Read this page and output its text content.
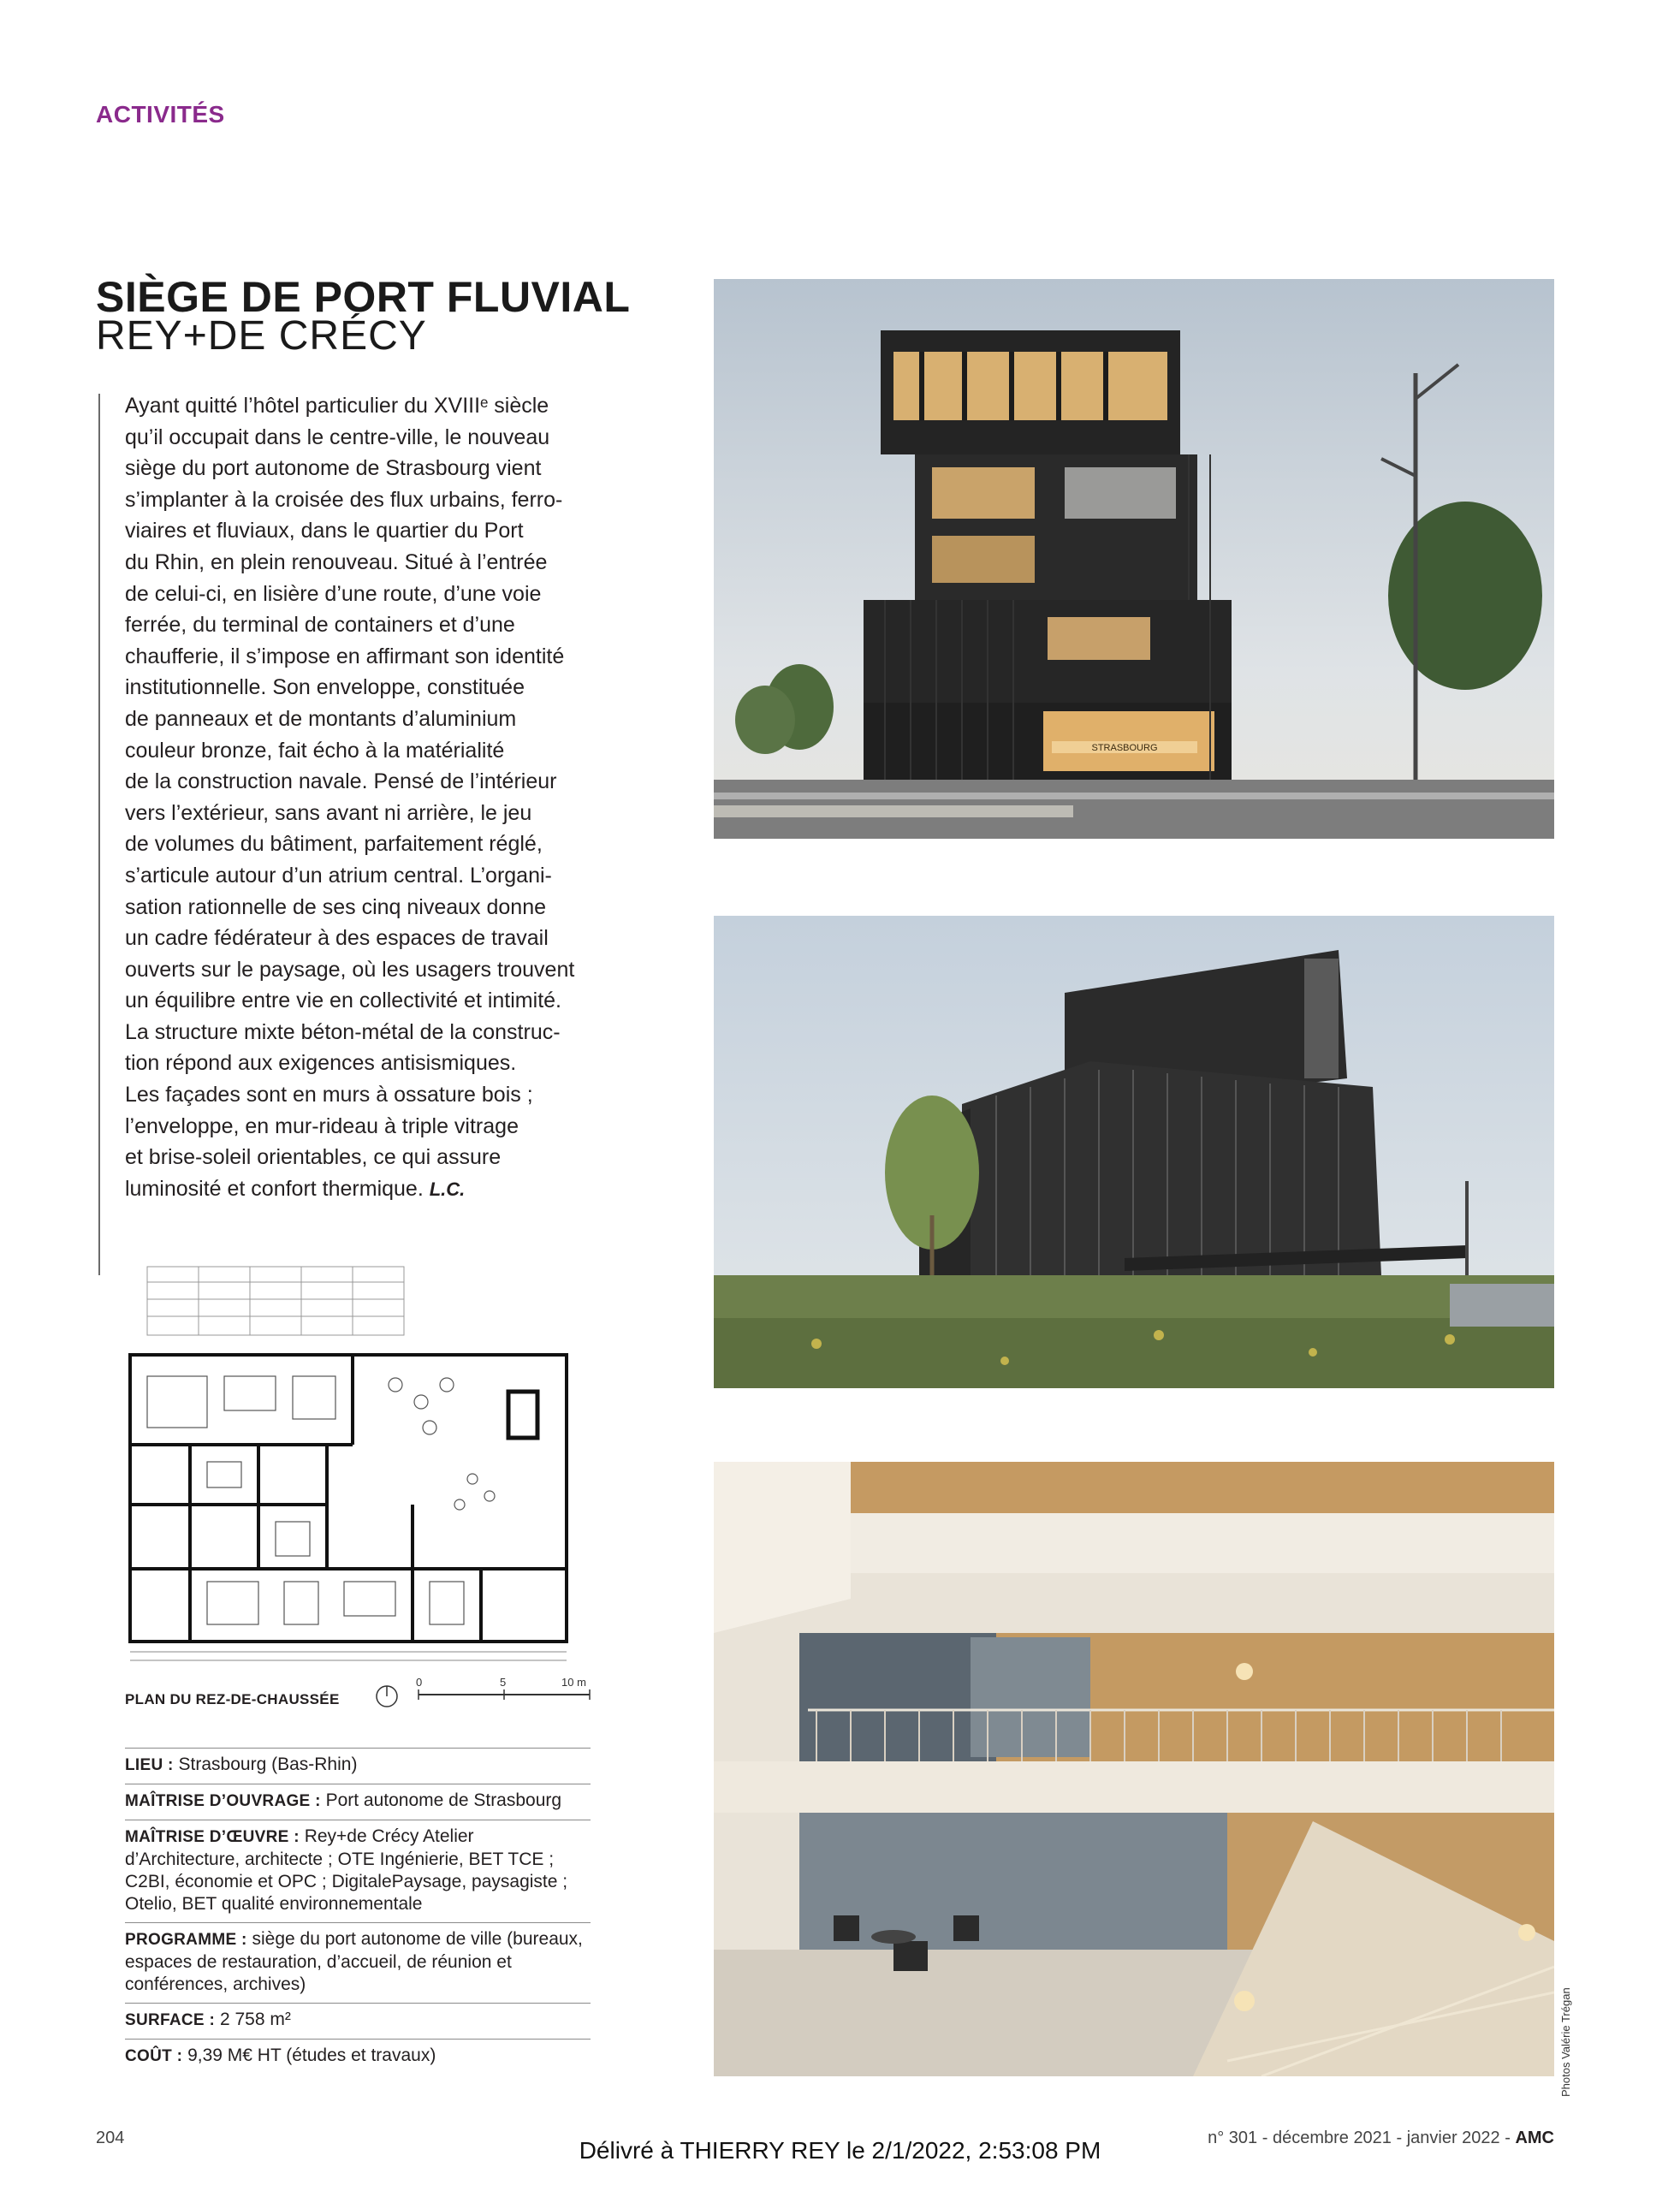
ACTIVITÉS
SIÈGE DE PORT FLUVIAL
REY+DE CRÉCY
Ayant quitté l’hôtel particulier du XVIIIᵉ siècle
qu’il occupait dans le centre-ville, le nouveau
siège du port autonome de Strasbourg vient
s’implanter à la croisée des flux urbains, ferro-
viaires et fluviaux, dans le quartier du Port
du Rhin, en plein renouveau. Situé à l’entrée
de celui-ci, en lisière d’une route, d’une voie
ferrée, du terminal de containers et d’une
chaufferie, il s’impose en affirmant son identité
institutionnelle. Son enveloppe, constituée
de panneaux et de montants d’aluminium
couleur bronze, fait écho à la matérialité
de la construction navale. Pensé de l’intérieur
vers l’extérieur, sans avant ni arrière, le jeu
de volumes du bâtiment, parfaitement réglé,
s’articule autour d’un atrium central. L’organi-
sation rationnelle de ses cinq niveaux donne
un cadre fédérateur à des espaces de travail
ouverts sur le paysage, où les usagers trouvent
un équilibre entre vie en collectivité et intimité.
La structure mixte béton-métal de la construc-
tion répond aux exigences antisismiques.
Les façades sont en murs à ossature bois ;
l’enveloppe, en mur-rideau à triple vitrage
et brise-soleil orientables, ce qui assure
luminosité et confort thermique. L.C.
STRASBOURG
Photos Valérie Trégan
PLAN DU REZ-DE-CHAUSSÉE
0	5	10 m
LIEU : Strasbourg (Bas-Rhin)
MAÎTRISE D’OUVRAGE : Port autonome de Strasbourg
MAÎTRISE D’ŒUVRE : Rey+de Crécy Atelier d’Architecture, architecte ; OTE Ingénierie, BET TCE ; C2BI, économie et OPC ; DigitalePaysage, paysagiste ; Otelio, BET qualité environnementale
PROGRAMME : siège du port autonome de ville (bureaux, espaces de restauration, d’accueil, de réunion et conférences, archives)
SURFACE : 2 758 m²
COÛT : 9,39 M€ HT (études et travaux)
204	n° 301 - décembre 2021 - janvier 2022 - AMC
Délivré à THIERRY REY le 2/1/2022, 2:53:08 PM
